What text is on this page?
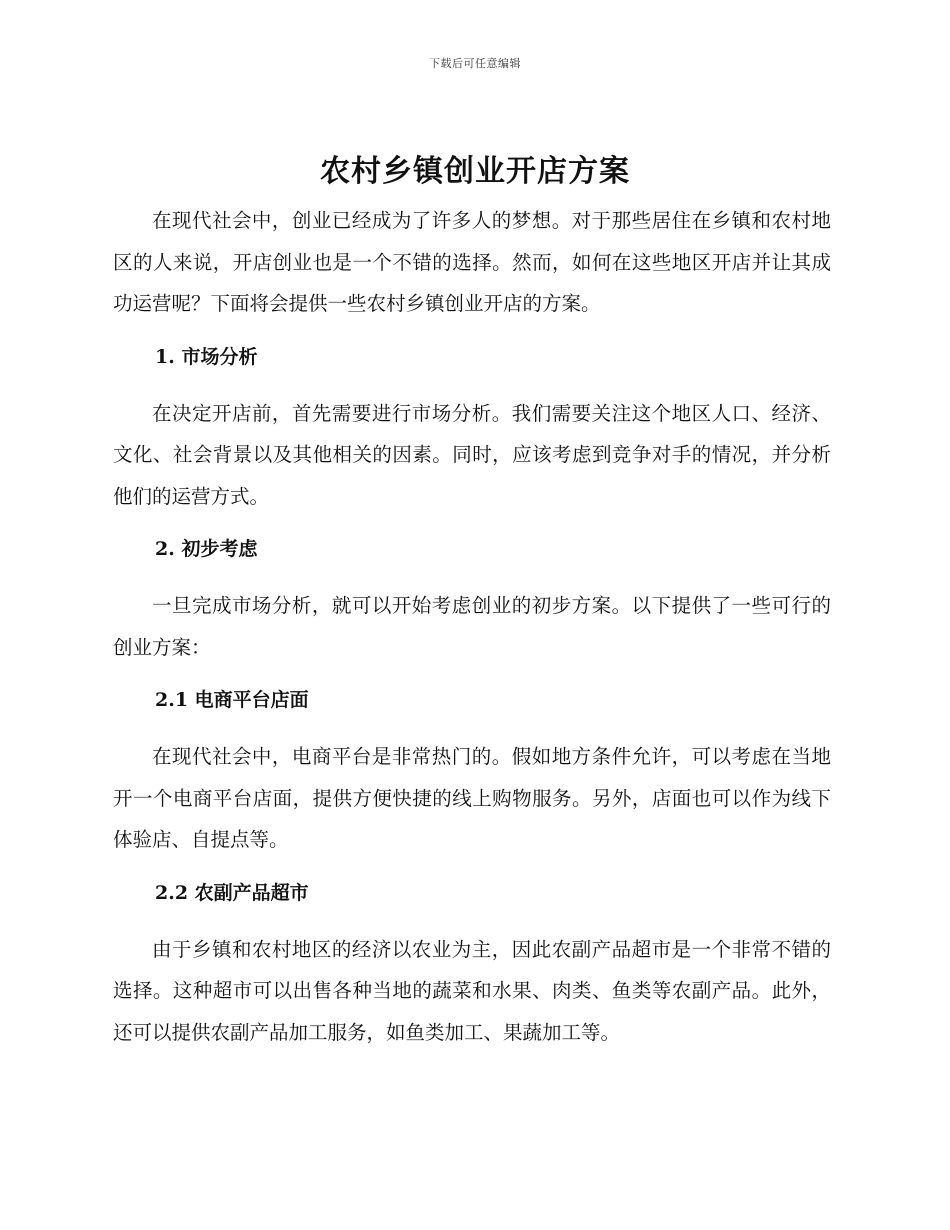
下载后可任意编辑
农村乡镇创业开店方案

在现代社会中，创业已经成为了许多人的梦想。对于那些居住在乡镇和农村地区的人来说，开店创业也是一个不错的选择。然而，如何在这些地区开店并让其成功运营呢？下面将会提供一些农村乡镇创业开店的方案。

1. 市场分析

在决定开店前，首先需要进行市场分析。我们需要关注这个地区人口、经济、文化、社会背景以及其他相关的因素。同时，应该考虑到竞争对手的情况，并分析他们的运营方式。

2. 初步考虑

一旦完成市场分析，就可以开始考虑创业的初步方案。以下提供了一些可行的创业方案：

2.1 电商平台店面

在现代社会中，电商平台是非常热门的。假如地方条件允许，可以考虑在当地开一个电商平台店面，提供方便快捷的线上购物服务。另外，店面也可以作为线下体验店、自提点等。

2.2 农副产品超市

由于乡镇和农村地区的经济以农业为主，因此农副产品超市是一个非常不错的选择。这种超市可以出售各种当地的蔬菜和水果、肉类、鱼类等农副产品。此外，还可以提供农副产品加工服务，如鱼类加工、果蔬加工等。
